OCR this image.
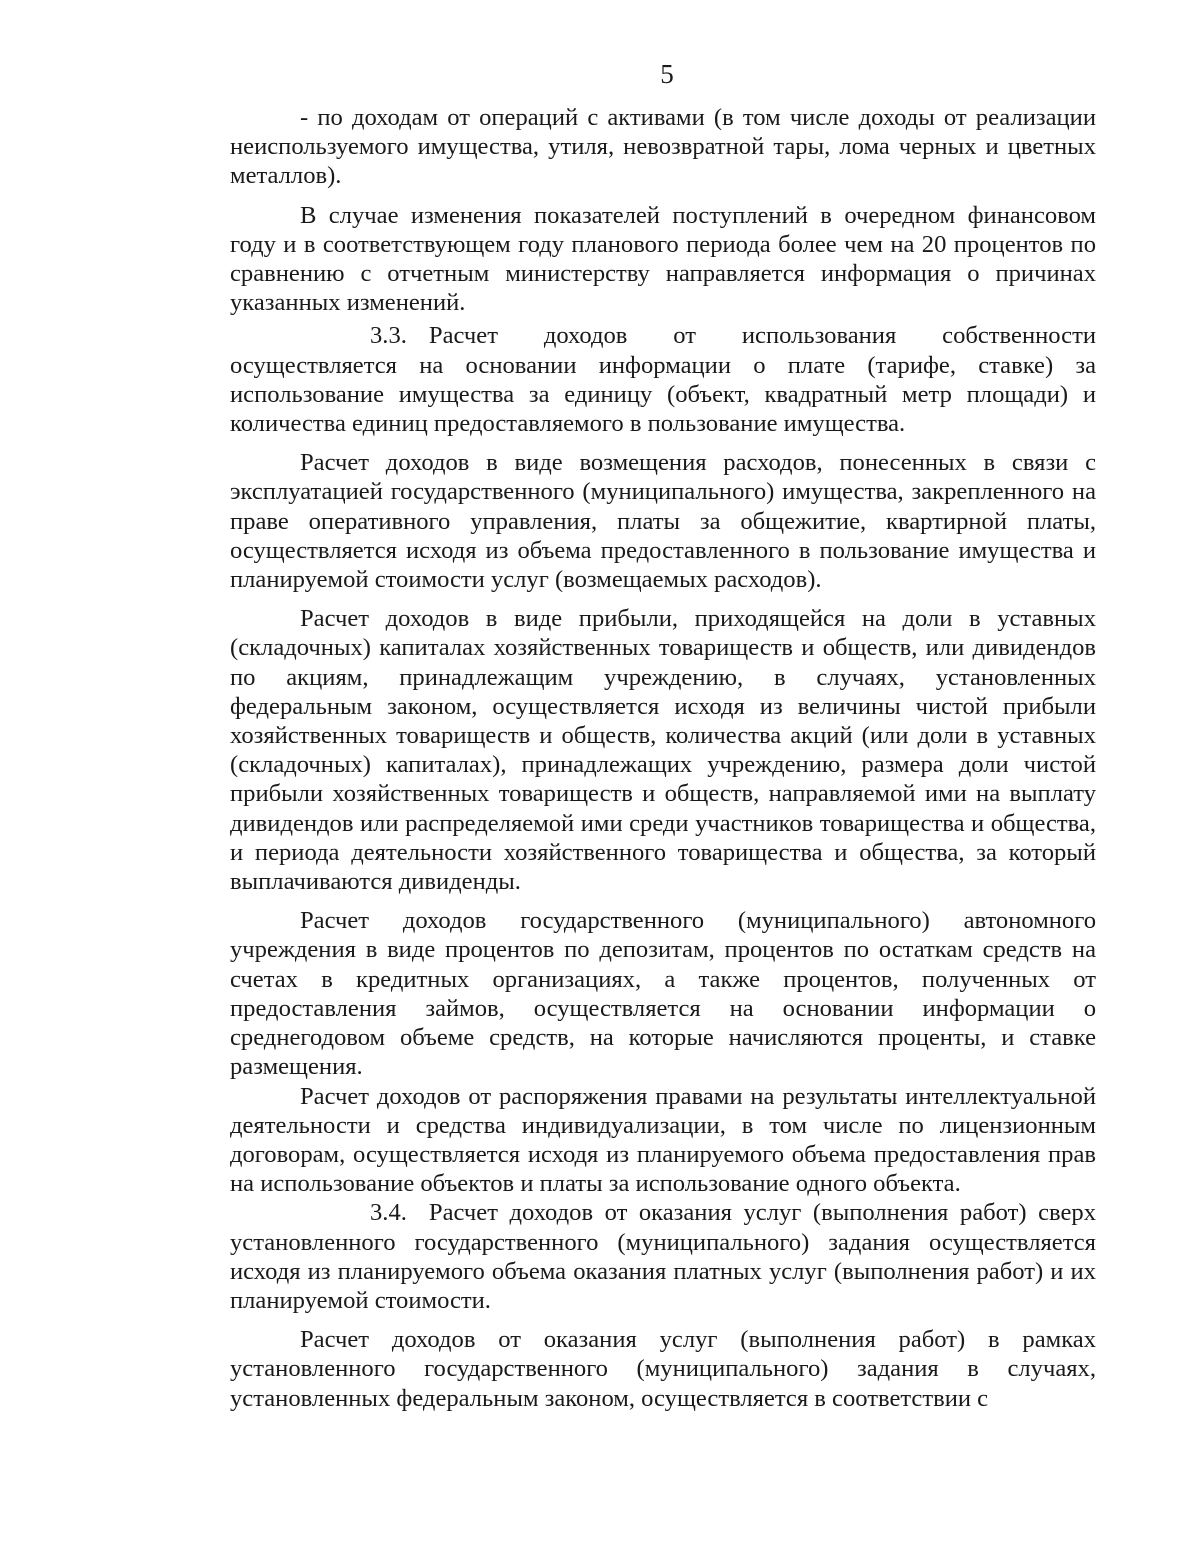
5

- по доходам от операций с активами (в том числе доходы от реализации неиспользуемого имущества, утиля, невозвратной тары, лома черных и цветных металлов).

В случае изменения показателей поступлений в очередном финансовом году и в соответствующем году планового периода более чем на 20 процентов по сравнению с отчетным министерству направляется информация о причинах указанных изменений.

3.3. Расчет доходов от использования собственности осуществляется на основании информации о плате (тарифе, ставке) за использование имущества за единицу (объект, квадратный метр площади) и количества единиц предоставляемого в пользование имущества.

Расчет доходов в виде возмещения расходов, понесенных в связи с эксплуатацией государственного (муниципального) имущества, закрепленного на праве оперативного управления, платы за общежитие, квартирной платы, осуществляется исходя из объема предоставленного в пользование имущества и планируемой стоимости услуг (возмещаемых расходов).

Расчет доходов в виде прибыли, приходящейся на доли в уставных (складочных) капиталах хозяйственных товариществ и обществ, или дивидендов по акциям, принадлежащим учреждению, в случаях, установленных федеральным законом, осуществляется исходя из величины чистой прибыли хозяйственных товариществ и обществ, количества акций (или доли в уставных (складочных) капиталах), принадлежащих учреждению, размера доли чистой прибыли хозяйственных товариществ и обществ, направляемой ими на выплату дивидендов или распределяемой ими среди участников товарищества и общества, и периода деятельности хозяйственного товарищества и общества, за который выплачиваются дивиденды.

Расчет доходов государственного (муниципального) автономного учреждения в виде процентов по депозитам, процентов по остаткам средств на счетах в кредитных организациях, а также процентов, полученных от предоставления займов, осуществляется на основании информации о среднегодовом объеме средств, на которые начисляются проценты, и ставке размещения.

Расчет доходов от распоряжения правами на результаты интеллектуальной деятельности и средства индивидуализации, в том числе по лицензионным договорам, осуществляется исходя из планируемого объема предоставления прав на использование объектов и платы за использование одного объекта.

3.4. Расчет доходов от оказания услуг (выполнения работ) сверх установленного государственного (муниципального) задания осуществляется исходя из планируемого объема оказания платных услуг (выполнения работ) и их планируемой стоимости.

Расчет доходов от оказания услуг (выполнения работ) в рамках установленного государственного (муниципального) задания в случаях, установленных федеральным законом, осуществляется в соответствии с
